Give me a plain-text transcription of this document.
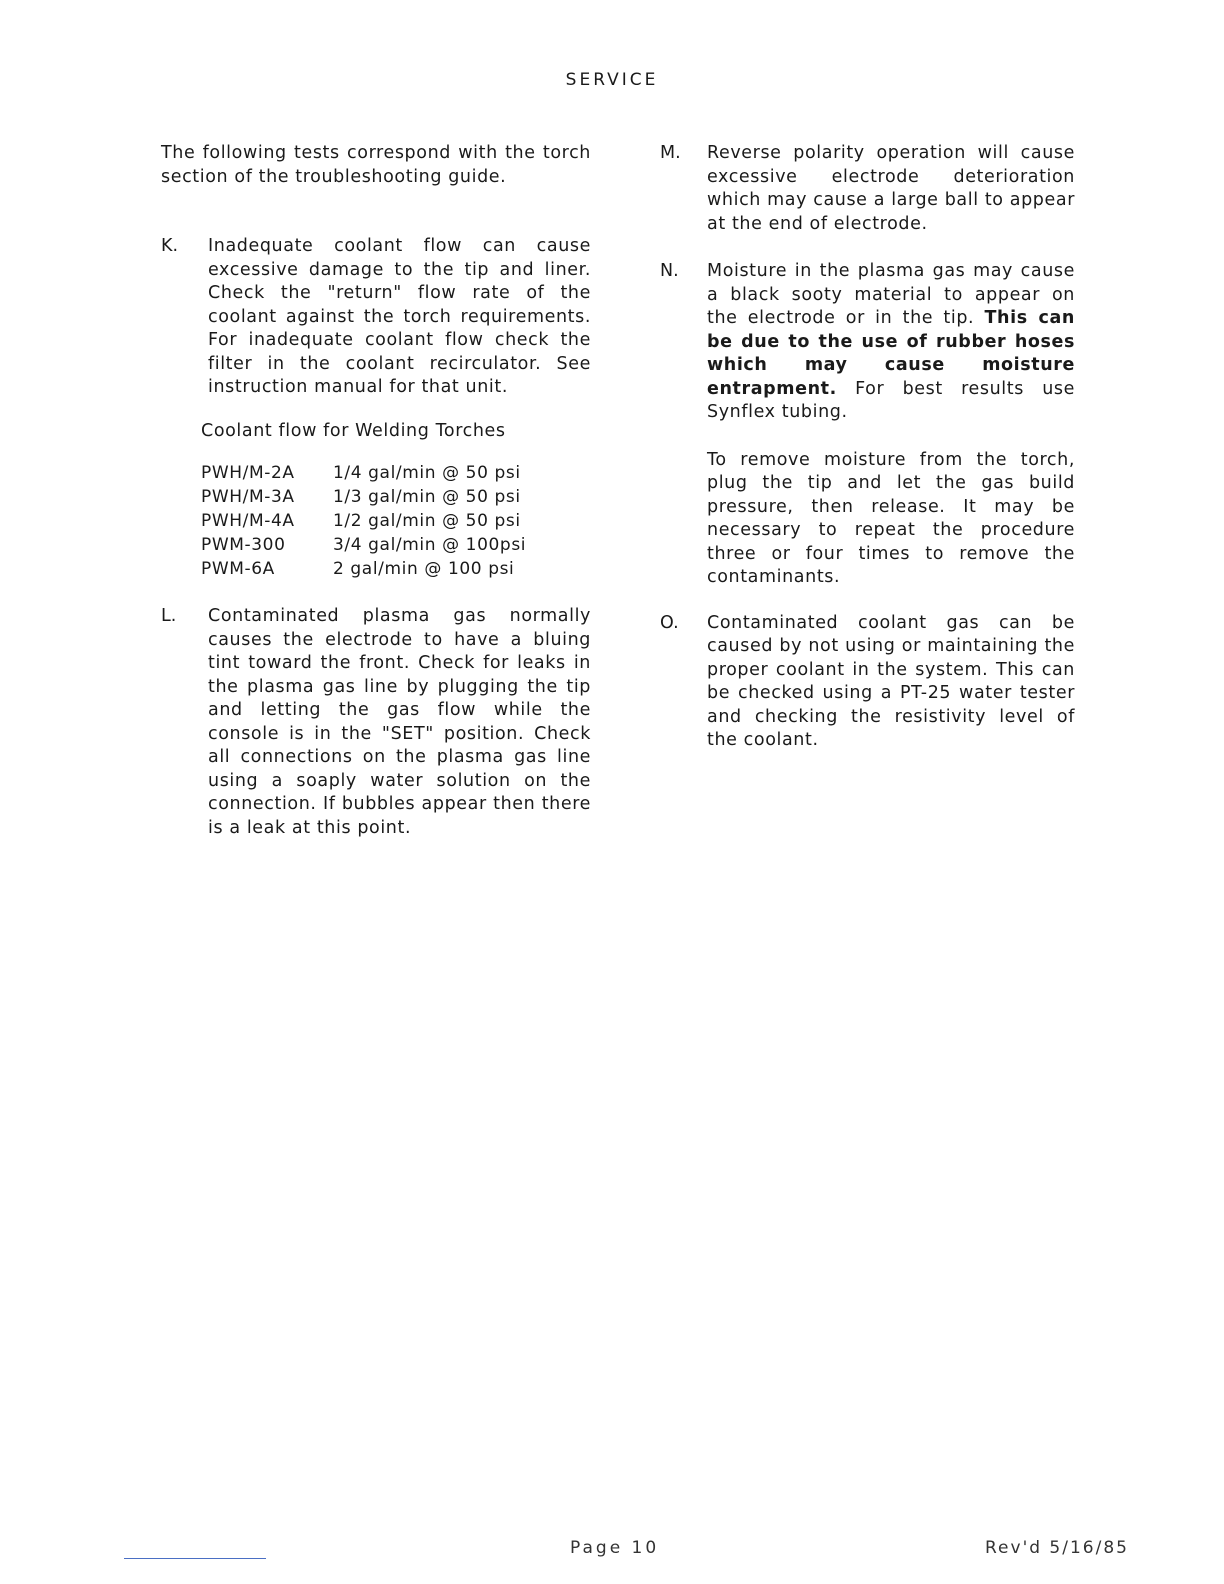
SERVICE

The following tests correspond with the torch section of the troubleshooting guide.

K.	Inadequate coolant flow can cause excessive damage to the tip and liner. Check the "return" flow rate of the coolant against the torch requirements. For inadequate coolant flow check the filter in the coolant recirculator. See instruction manual for that unit.

Coolant flow for Welding Torches
PWH/M-2A	1/4 gal/min @ 50 psi
PWH/M-3A	1/3 gal/min @ 50 psi
PWH/M-4A	1/2 gal/min @ 50 psi
PWM-300	3/4 gal/min @ 100psi
PWM-6A	2 gal/min @ 100 psi
L.	Contaminated plasma gas normally causes the electrode to have a bluing tint toward the front. Check for leaks in the plasma gas line by plugging the tip and letting the gas flow while the console is in the "SET" position. Check all connections on the plasma gas line using a soaply water solution on the connection. If bubbles appear then there is a leak at this point.

M.	Reverse polarity operation will cause excessive electrode deterioration which may cause a large ball to appear at the end of electrode.

N.	Moisture in the plasma gas may cause a black sooty material to appear on the electrode or in the tip. This can be due to the use of rubber hoses which may cause moisture entrapment. For best results use Synflex tubing.

To remove moisture from the torch, plug the tip and let the gas build pressure, then release. It may be necessary to repeat the procedure three or four times to remove the contaminants.

O.	Contaminated coolant gas can be caused by not using or maintaining the proper coolant in the system. This can be checked using a PT-25 water tester and checking the resistivity level of the coolant.

Page 10	Rev'd 5/16/85
